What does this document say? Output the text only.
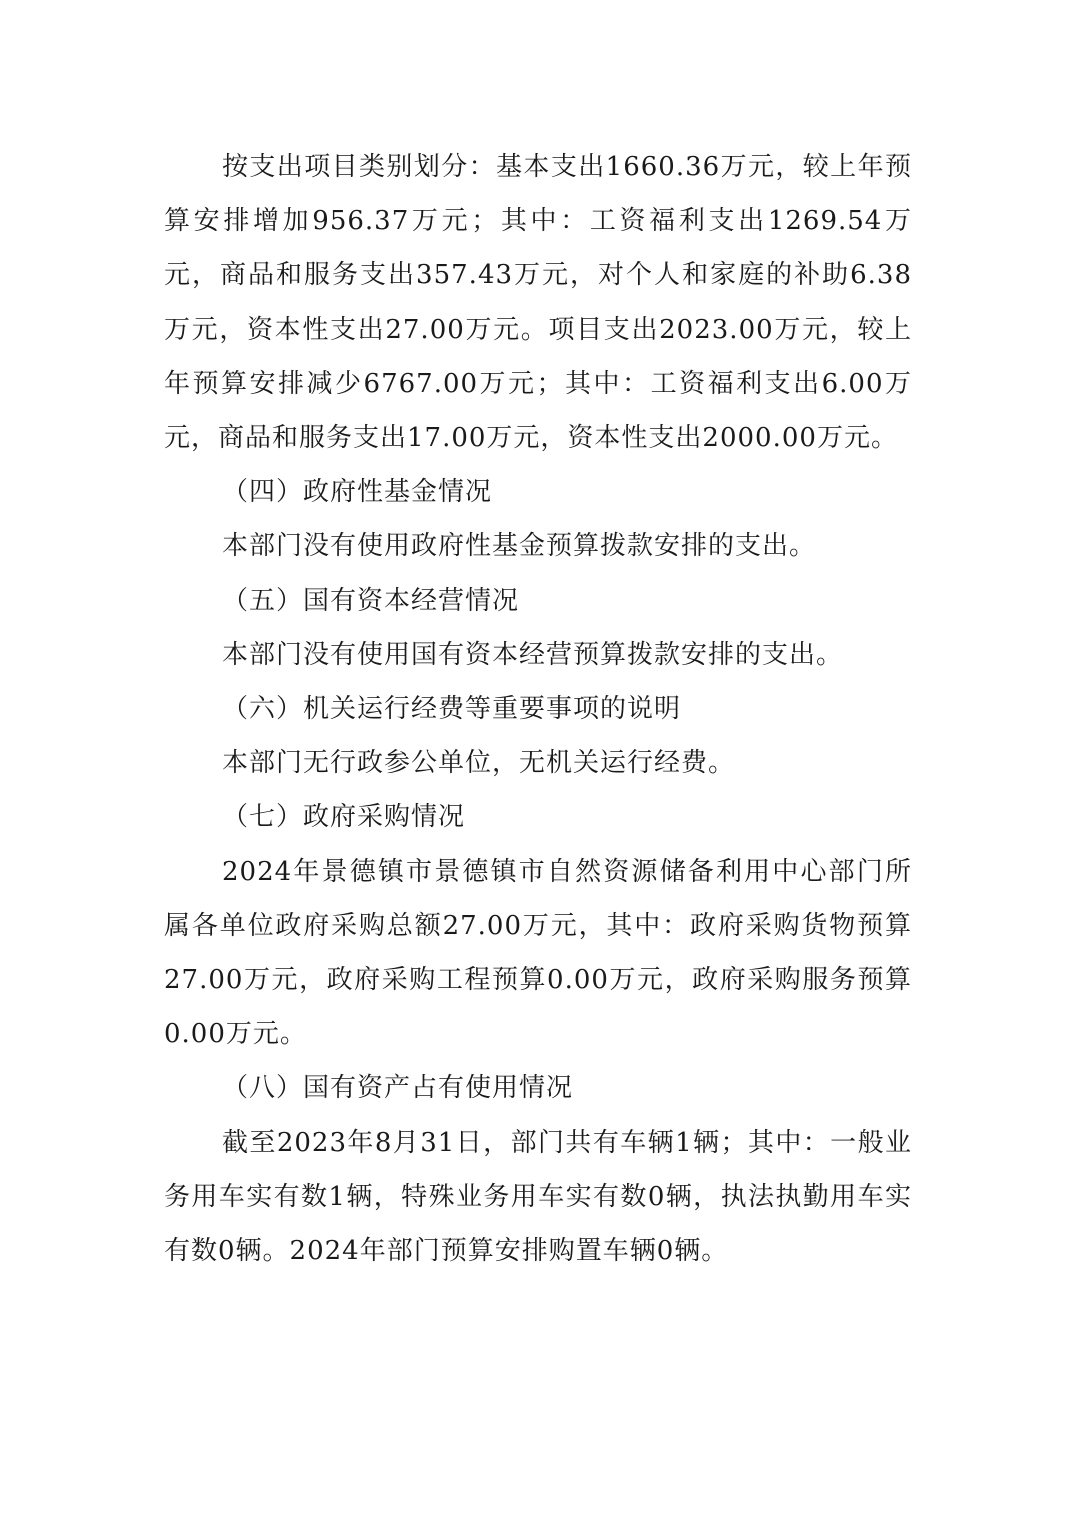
按支出项目类别划分：基本支出1660.36万元，较上年预算安排增加956.37万元；其中：工资福利支出1269.54万元，商品和服务支出357.43万元，对个人和家庭的补助6.38万元，资本性支出27.00万元。项目支出2023.00万元，较上年预算安排减少6767.00万元；其中：工资福利支出6.00万元，商品和服务支出17.00万元，资本性支出2000.00万元。

（四）政府性基金情况

本部门没有使用政府性基金预算拨款安排的支出。

（五）国有资本经营情况

本部门没有使用国有资本经营预算拨款安排的支出。

（六）机关运行经费等重要事项的说明

本部门无行政参公单位，无机关运行经费。

（七）政府采购情况

2024年景德镇市景德镇市自然资源储备利用中心部门所属各单位政府采购总额27.00万元，其中：政府采购货物预算27.00万元，政府采购工程预算0.00万元，政府采购服务预算0.00万元。

（八）国有资产占有使用情况

截至2023年8月31日，部门共有车辆1辆；其中：一般业务用车实有数1辆，特殊业务用车实有数0辆，执法执勤用车实有数0辆。2024年部门预算安排购置车辆0辆。
